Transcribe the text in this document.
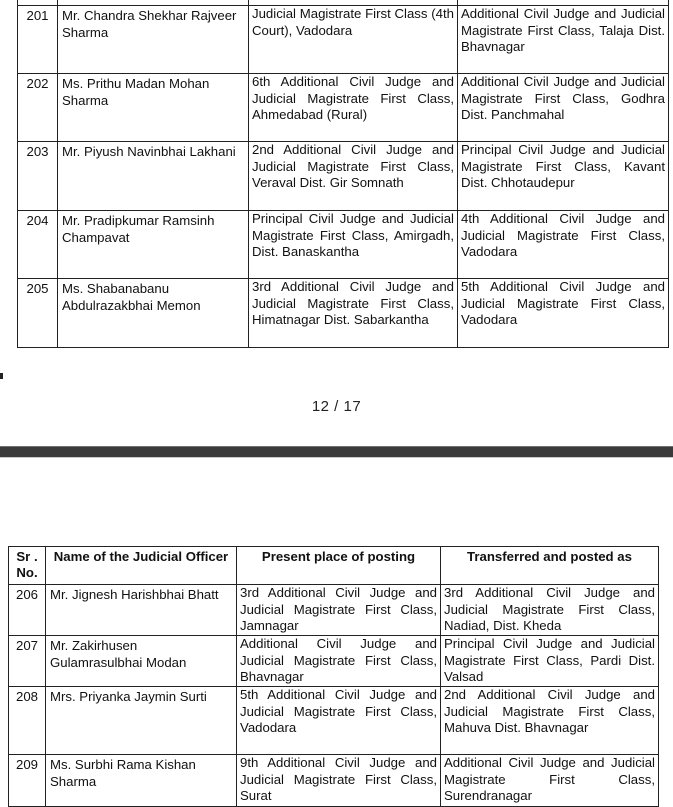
201	Mr. Chandra Shekhar Rajveer Sharma	Judicial Magistrate First Class (4th Court), Vadodara	Additional Civil Judge and Judicial Magistrate First Class, Talaja Dist. Bhavnagar
202	Ms. Prithu Madan Mohan Sharma	6th Additional Civil Judge and Judicial Magistrate First Class, Ahmedabad (Rural)	Additional Civil Judge and Judicial Magistrate First Class, Godhra Dist. Panchmahal
203	Mr. Piyush Navinbhai Lakhani	2nd Additional Civil Judge and Judicial Magistrate First Class, Veraval Dist. Gir Somnath	Principal Civil Judge and Judicial Magistrate First Class, Kavant Dist. Chhotaudepur
204	Mr. Pradipkumar Ramsinh Champavat	Principal Civil Judge and Judicial Magistrate First Class, Amirgadh, Dist. Banaskantha	4th Additional Civil Judge and Judicial Magistrate First Class, Vadodara
205	Ms. Shabanabanu Abdulrazakbhai Memon	3rd Additional Civil Judge and Judicial Magistrate First Class, Himatnagar Dist. Sabarkantha	5th Additional Civil Judge and Judicial Magistrate First Class, Vadodara
12 / 17
Sr . No.	Name of the Judicial Officer	Present place of posting	Transferred and posted as
206	Mr. Jignesh Harishbhai Bhatt	3rd Additional Civil Judge and Judicial Magistrate First Class, Jamnagar	3rd Additional Civil Judge and Judicial Magistrate First Class, Nadiad, Dist. Kheda
207	Mr. Zakirhusen Gulamrasulbhai Modan	Additional Civil Judge and Judicial Magistrate First Class, Bhavnagar	Principal Civil Judge and Judicial Magistrate First Class, Pardi Dist. Valsad
208	Mrs. Priyanka Jaymin Surti	5th Additional Civil Judge and Judicial Magistrate First Class, Vadodara	2nd Additional Civil Judge and Judicial Magistrate First Class, Mahuva Dist. Bhavnagar
209	Ms. Surbhi Rama Kishan Sharma	9th Additional Civil Judge and Judicial Magistrate First Class, Surat	Additional Civil Judge and Judicial Magistrate First Class, Surendranagar
